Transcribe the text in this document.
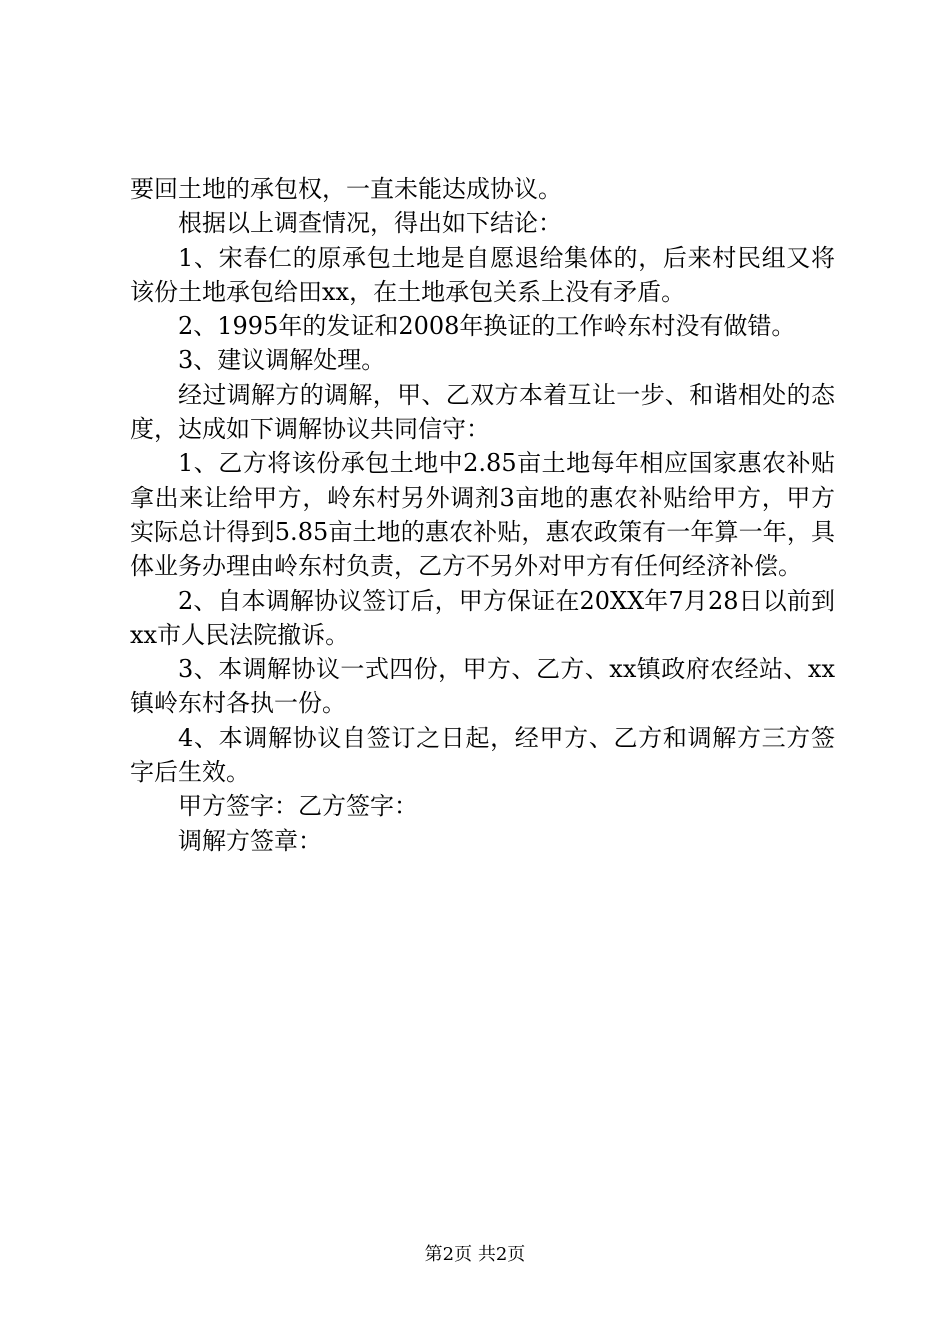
要回土地的承包权，一直未能达成协议。

根据以上调查情况，得出如下结论：

1、宋春仁的原承包土地是自愿退给集体的，后来村民组又将该份土地承包给田xx，在土地承包关系上没有矛盾。

2、1995年的发证和2008年换证的工作岭东村没有做错。

3、建议调解处理。

经过调解方的调解，甲、乙双方本着互让一步、和谐相处的态度，达成如下调解协议共同信守：

1、乙方将该份承包土地中2.85亩土地每年相应国家惠农补贴拿出来让给甲方，岭东村另外调剂3亩地的惠农补贴给甲方，甲方实际总计得到5.85亩土地的惠农补贴，惠农政策有一年算一年，具体业务办理由岭东村负责，乙方不另外对甲方有任何经济补偿。

2、自本调解协议签订后，甲方保证在20XX年7月28日以前到xx市人民法院撤诉。

3、本调解协议一式四份，甲方、乙方、xx镇政府农经站、xx镇岭东村各执一份。

4、本调解协议自签订之日起，经甲方、乙方和调解方三方签字后生效。

甲方签字：乙方签字：

调解方签章：

第2页 共2页
